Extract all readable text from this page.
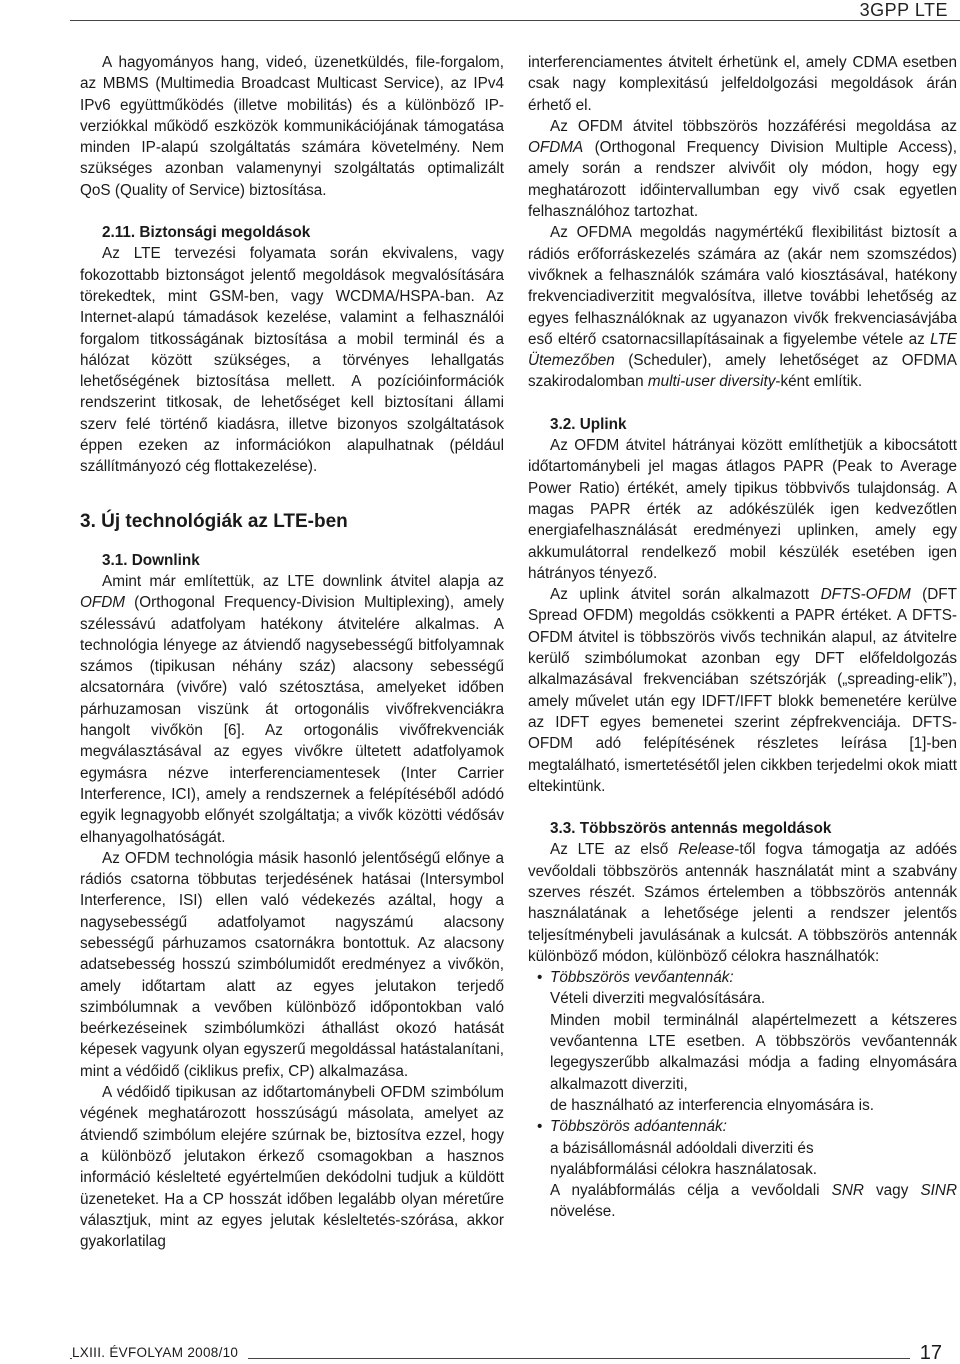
3GPP LTE

A hagyományos hang, videó, üzenetküldés, file-forgalom, az MBMS (Multimedia Broadcast Multicast Service), az IPv4 IPv6 együttműködés (illetve mobilitás) és a különböző IP-verziókkal működő eszközök kommunikációjának támogatása minden IP-alapú szolgáltatás számára követelmény. Nem szükséges azonban valamenynyi szolgáltatás optimalizált QoS (Quality of Service) biztosítása.

2.11. Biztonsági megoldások

Az LTE tervezési folyamata során ekvivalens, vagy fokozottabb biztonságot jelentő megoldások megvalósítására törekedtek, mint GSM-ben, vagy WCDMA/HSPA-ban. Az Internet-alapú támadások kezelése, valamint a felhasználói forgalom titkosságának biztosítása a mobil terminál és a hálózat között szükséges, a törvényes lehallgatás lehetőségének biztosítása mellett. A pozícióinformációk rendszerint titkosak, de lehetőséget kell biztosítani állami szerv felé történő kiadásra, illetve bizonyos szolgáltatások éppen ezeken az információkon alapulhatnak (például szállítmányozó cég flottakezelése).

3. Új technológiák az LTE-ben
3.1. Downlink

Amint már említettük, az LTE downlink átvitel alapja az OFDM (Orthogonal Frequency-Division Multiplexing), amely szélessávú adatfolyam hatékony átvitelére alkalmas. A technológia lényege az átviendő nagysebességű bitfolyamnak számos (tipikusan néhány száz) alacsony sebességű alcsatornára (vivőre) való szétosztása, amelyeket időben párhuzamosan viszünk át ortogonális vivőfrekvenciákra hangolt vivőkön [6]. Az ortogonális vivőfrekvenciák megválasztásával az egyes vivőkre ültetett adatfolyamok egymásra nézve interferenciamentesek (Inter Carrier Interference, ICI), amely a rendszernek a felépítéséből adódó egyik legnagyobb előnyét szolgáltatja; a vivők közötti védősáv elhanyagolhatóságát.

Az OFDM technológia másik hasonló jelentőségű előnye a rádiós csatorna többutas terjedésének hatásai (Intersymbol Interference, ISI) ellen való védekezés azáltal, hogy a nagysebességű adatfolyamot nagyszámú alacsony sebességű párhuzamos csatornákra bontottuk. Az alacsony adatsebesség hosszú szimbólumidőt eredményez a vivőkön, amely időtartam alatt az egyes jelutakon terjedő szimbólumnak a vevőben különböző időpontokban való beérkezéseinek szimbólumközi áthallást okozó hatását képesek vagyunk olyan egyszerű megoldással hatástalanítani, mint a védőidő (ciklikus prefix, CP) alkalmazása.

A védőidő tipikusan az időtartománybeli OFDM szimbólum végének meghatározott hosszúságú másolata, amelyet az átviendő szimbólum elejére szúrnak be, biztosítva ezzel, hogy a különböző jelutakon érkező csomagokban a hasznos információ késlelteté egyértelműen dekódolni tudjuk a küldött üzeneteket. Ha a CP hosszát időben legalább olyan méretűre választjuk, mint az egyes jelutak késleltetés-szórása, akkor gyakorlatilag

interferenciamentes átvitelt érhetünk el, amely CDMA esetben csak nagy komplexitású jelfeldolgozási megoldások árán érhető el.

Az OFDM átvitel többszörös hozzáférési megoldása az OFDMA (Orthogonal Frequency Division Multiple Access), amely során a rendszer alvivőit oly módon, hogy egy meghatározott időintervallumban egy vivő csak egyetlen felhasználóhoz tartozhat.

Az OFDMA megoldás nagymértékű flexibilitást biztosít a rádiós erőforráskezelés számára az (akár nem szomszédos) vivőknek a felhasználók számára való kiosztásával, hatékony frekvenciadiverzitit megvalósítva, illetve további lehetőség az egyes felhasználóknak az ugyanazon vivők frekvenciasávjába eső eltérő csatornacsillapításainak a figyelembe vétele az LTE Ütemezőben (Scheduler), amely lehetőséget az OFDMA szakirodalomban multi-user diversity-ként említik.

3.2. Uplink

Az OFDM átvitel hátrányai között említhetjük a kibocsátott időtartománybeli jel magas átlagos PAPR (Peak to Average Power Ratio) értékét, amely tipikus többvivős tulajdonság. A magas PAPR érték az adókészülék igen kedvezőtlen energiafelhasználását eredményezi uplinken, amely egy akkumulátorral rendelkező mobil készülék esetében igen hátrányos tényező.

Az uplink átvitel során alkalmazott DFTS-OFDM (DFT Spread OFDM) megoldás csökkenti a PAPR értéket. A DFTS-OFDM átvitel is többszörös vivős technikán alapul, az átvitelre kerülő szimbólumokat azonban egy DFT előfeldolgozás alkalmazásával frekvenciában szétszórják („spreading-elik”), amely művelet után egy IDFT/IFFT blokk bemenetére kerülve az IDFT egyes bemenetei szerint zépfrekvenciája. DFTS-OFDM adó felépítésének részletes leírása [1]-ben megtalálható, ismertetésétől jelen cikkben terjedelmi okok miatt eltekintünk.

3.3. Többszörös antennás megoldások

Az LTE az első Release-től fogva támogatja az adóés vevőoldali többszörös antennák használatát mint a szabvány szerves részét. Számos értelemben a többszörös antennák használatának a lehetősége jelenti a rendszer jelentős teljesítménybeli javulásának a kulcsát. A többszörös antennák különböző módon, különböző célokra használhatók:

• Többszörös vevőantennák:
Vételi diverziti megvalósítására.
Minden mobil terminálnál alapértelmezett a kétszeres vevőantenna LTE esetben. A többszörös vevőantennák legegyszerűbb alkalmazási módja a fading elnyomására alkalmazott diverziti,
de használható az interferencia elnyomására is.
• Többszörös adóantennák:
a bázisállomásnál adóoldali diverziti és
nyalábformálási célokra használatosak.
A nyalábformálás célja a vevőoldali SNR vagy SINR növelése.
LXIII. ÉVFOLYAM 2008/10	17
